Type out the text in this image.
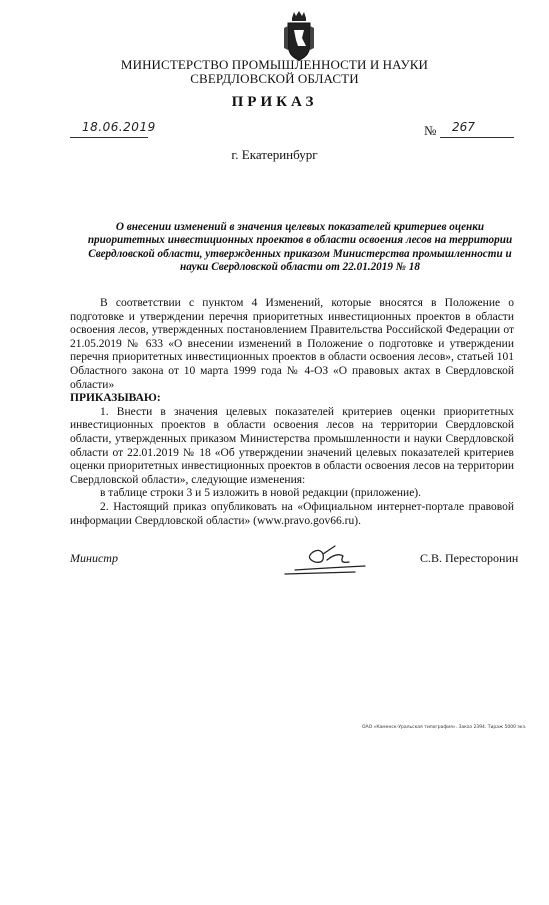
МИНИСТЕРСТВО ПРОМЫШЛЕННОСТИ И НАУКИ
СВЕРДЛОВСКОЙ ОБЛАСТИ
ПРИКАЗ
18.06.2019	№ 267
г. Екатеринбург
О внесении изменений в значения целевых показателей критериев оценки приоритетных инвестиционных проектов в области освоения лесов на территории Свердловской области, утвержденных приказом Министерства промышленности и науки Свердловской области от 22.01.2019 № 18

В соответствии с пунктом 4 Изменений, которые вносятся в Положение о подготовке и утверждении перечня приоритетных инвестиционных проектов в области освоения лесов, утвержденных постановлением Правительства Российской Федерации от 21.05.2019 № 633 «О внесении изменений в Положение о подготовке и утверждении перечня приоритетных инвестиционных проектов в области освоения лесов», статьей 101 Областного закона от 10 марта 1999 года № 4-ОЗ «О правовых актах в Свердловской области»

ПРИКАЗЫВАЮ:

1. Внести в значения целевых показателей критериев оценки приоритетных инвестиционных проектов в области освоения лесов на территории Свердловской области, утвержденных приказом Министерства промышленности и науки Свердловской области от 22.01.2019 № 18 «Об утверждении значений целевых показателей критериев оценки приоритетных инвестиционных проектов в области освоения лесов на территории Свердловской области», следующие изменения:

в таблице строки 3 и 5 изложить в новой редакции (приложение).

2. Настоящий приказ опубликовать на «Официальном интернет-портале правовой информации Свердловской области» (www.pravo.gov66.ru).

Министр	С.В. Пересторонин
ОАО «Каменск-Уральская типография». Заказ 2394. Тираж 5000 экз.
